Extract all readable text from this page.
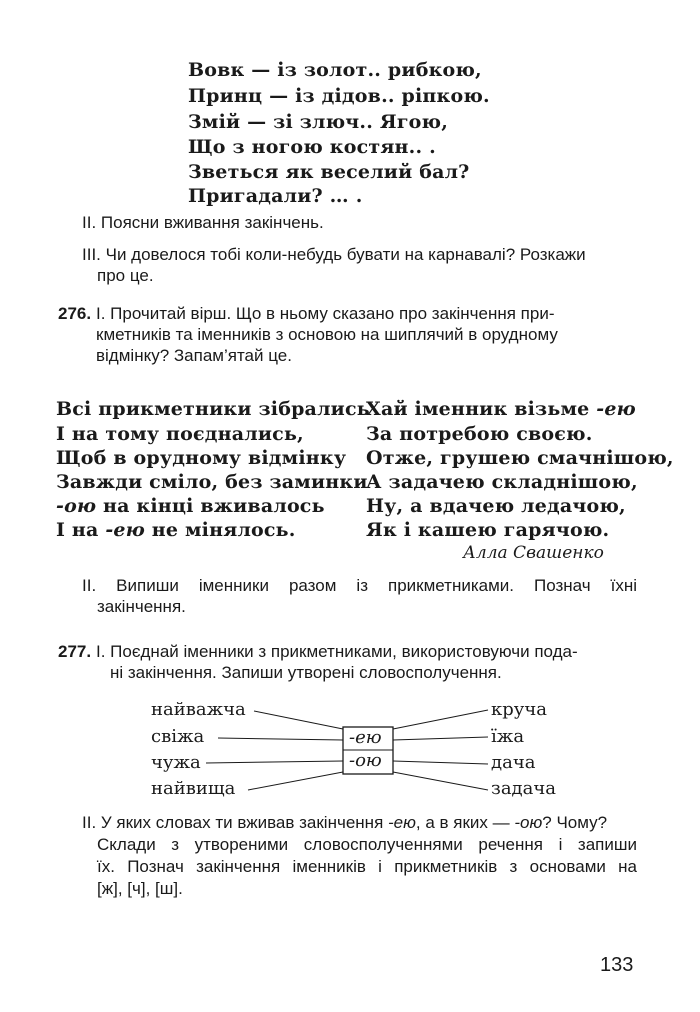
Вовк — із золот.. рибкою,
Принц — із дідов.. ріпкою.
Змій — зі злюч.. Ягою,
Що з ногою костян.. .
Зветься як веселий бал?
Пригадали? … .
II. Поясни вживання закінчень.
III. Чи довелося тобі коли-небудь бувати на карнавалі? Розкажи
про це.
276. І. Прочитай вірш. Що в ньому сказано про закінчення при-
кметників та іменників з основою на шиплячий в орудному
відмінку? Запам’ятай це.
Всі прикметники зібрались
І на тому поєднались,
Щоб в орудному відмінку
Завжди сміло, без заминки
-ою на кінці вживалось
І на -ею не мінялось.
Хай іменник візьме -ею
За потребою своєю.
Отже, грушею смачнішою,
А задачею складнішою,
Ну, а вдачею ледачою,
Як і кашею гарячою.
Алла Свашенко
II. Випиши іменники разом із прикметниками. Познач їхні
закінчення.
277. І. Поєднай іменники з прикметниками, використовуючи пода-
ні закінчення. Запиши утворені словосполучення.
найважча
свіжа
чужа
найвища
-ею
-ою
круча
їжа
дача
задача
II. У яких словах ти вживав закінчення -ею, а в яких — -ою? Чому?
Склади з утвореними словосполученнями речення і запиши
їх. Познач закінчення іменників і прикметників з основами на
[ж], [ч], [ш].
133
